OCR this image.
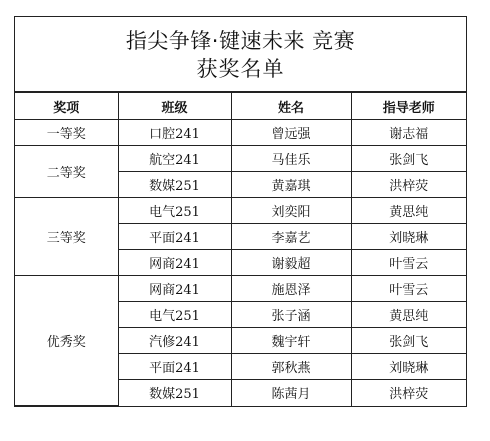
指尖争锋·键速未来 竞赛
获奖名单
奖项	班级	姓名	指导老师
一等奖	口腔241	曾远强	谢志福
二等奖	航空241	马佳乐	张剑飞
	数媒251	黄嘉琪	洪梓荧
三等奖	电气251	刘奕阳	黄思纯
	平面241	李嘉艺	刘晓琳
	网商241	谢毅超	叶雪云
优秀奖	网商241	施恩泽	叶雪云
	电气251	张子涵	黄思纯
	汽修241	魏宇轩	张剑飞
	平面241	郭秋燕	刘晓琳
	数媒251	陈茜月	洪梓荧
